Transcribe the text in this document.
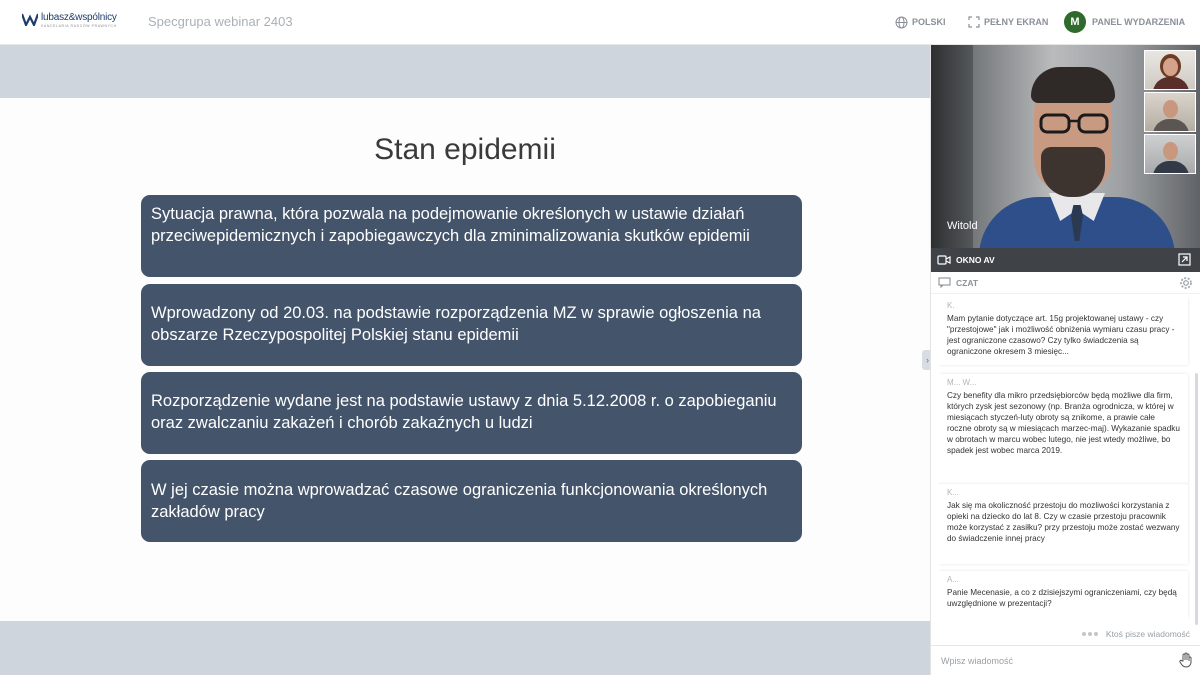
lubasz&wspólnicy
KANCELARIA RADCÓW PRAWNYCH Specgrupa webinar 2403	POLSKI	PEŁNY EKRAN	M	PANEL WYDARZENIA
Stan epidemii
Sytuacja prawna, która pozwala na podejmowanie określonych w ustawie działań przeciwepidemicznych i zapobiegawczych dla zminimalizowania skutków epidemii
Wprowadzony od 20.03. na podstawie rozporządzenia MZ w sprawie ogłoszenia na obszarze Rzeczypospolitej Polskiej stanu epidemii
Rozporządzenie wydane jest na podstawie ustawy z dnia 5.12.2008 r. o zapobieganiu oraz zwalczaniu zakażeń i chorób zakaźnych u ludzi
W jej czasie można wprowadzać czasowe ograniczenia funkcjonowania określonych zakładów pracy
›
Witold
OKNO AV
CZAT
K.
Mam pytanie dotyczące art. 15g projektowanej ustawy - czy "przestojowe" jak i możliwość obniżenia wymiaru czasu pracy - jest ograniczone czasowo? Czy tylko świadczenia są ograniczone okresem 3 miesięc...
M... W...
Czy benefity dla mikro przedsiębiorców będą możliwe dla firm, których zysk jest sezonowy (np. Branża ogrodnicza, w której w miesiącach styczeń-luty obroty są znikome, a prawie całe roczne obroty są w miesiącach marzec-maj). Wykazanie spadku w obrotach w marcu wobec lutego, nie jest wtedy możliwe, bo spadek jest wobec marca 2019.
K...
Jak się ma okoliczność przestoju do mozliwości korzystania z opieki na dziecko do lat 8. Czy w czasie przestoju pracownik może korzystać z zasiłku? przy przestoju może zostać wezwany do świadczenie innej pracy
A...
Panie Mecenasie, a co z dzisiejszymi ograniczeniami, czy będą uwzględnione w prezentacji?
Ktoś pisze wiadomość
Wpisz wiadomość
